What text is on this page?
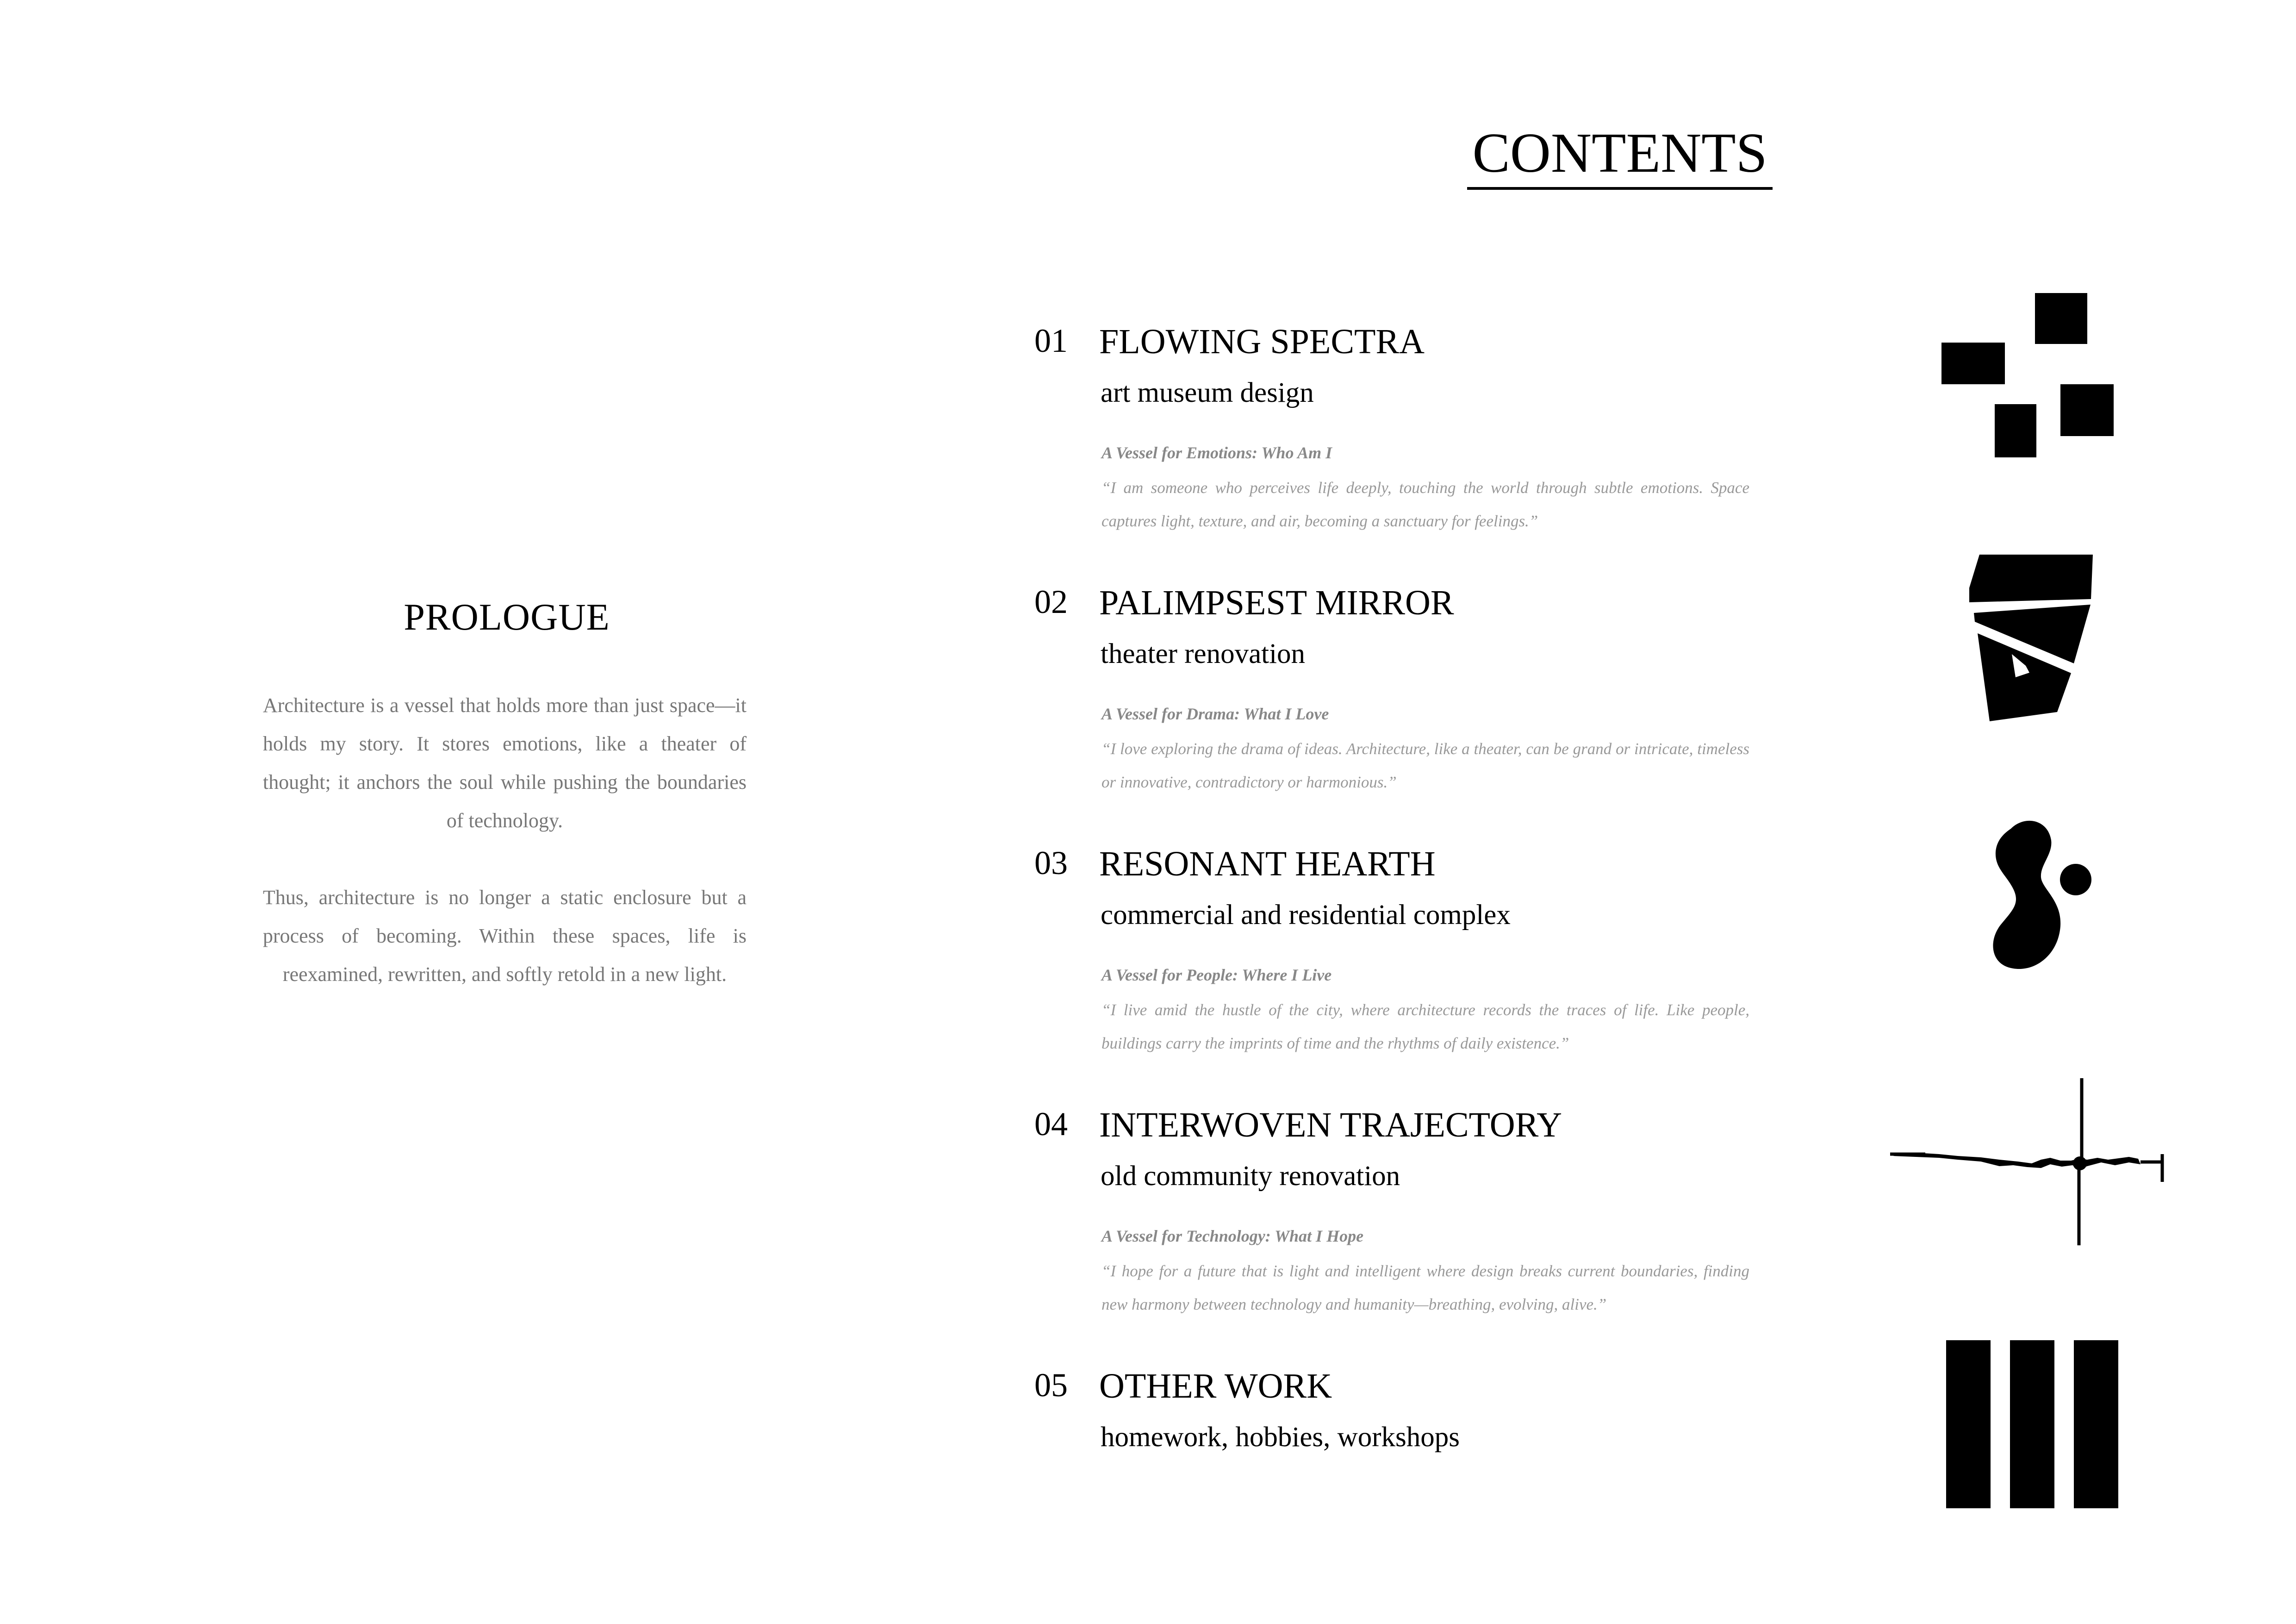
PROLOGUE
Architecture is a vessel that holds more than just space—it holds my story. It stores emotions, like a theater of thought; it anchors the soul while pushing the boundaries of technology.
Thus, architecture is no longer a static enclosure but a process of becoming. Within these spaces, life is reexamined, rewritten, and softly retold in a new light.
CONTENTS
01 FLOWING SPECTRA
art museum design
A Vessel for Emotions: Who Am I
“I am someone who perceives life deeply, touching the world through subtle emotions. Space captures light, texture, and air, becoming a sanctuary for feelings.”
02 PALIMPSEST MIRROR
theater renovation
A Vessel for Drama: What I Love
“I love exploring the drama of ideas. Architecture, like a theater, can be grand or intricate, timeless or innovative, contradictory or harmonious.”
03 RESONANT HEARTH
commercial and residential complex
A Vessel for People: Where I Live
“I live amid the hustle of the city, where architecture records the traces of life. Like people, buildings carry the imprints of time and the rhythms of daily existence.”
04 INTERWOVEN TRAJECTORY
old community renovation
A Vessel for Technology: What I Hope
“I hope for a future that is light and intelligent where design breaks current boundaries, finding new harmony between technology and humanity—breathing, evolving, alive.”
05 OTHER WORK
homework, hobbies, workshops
